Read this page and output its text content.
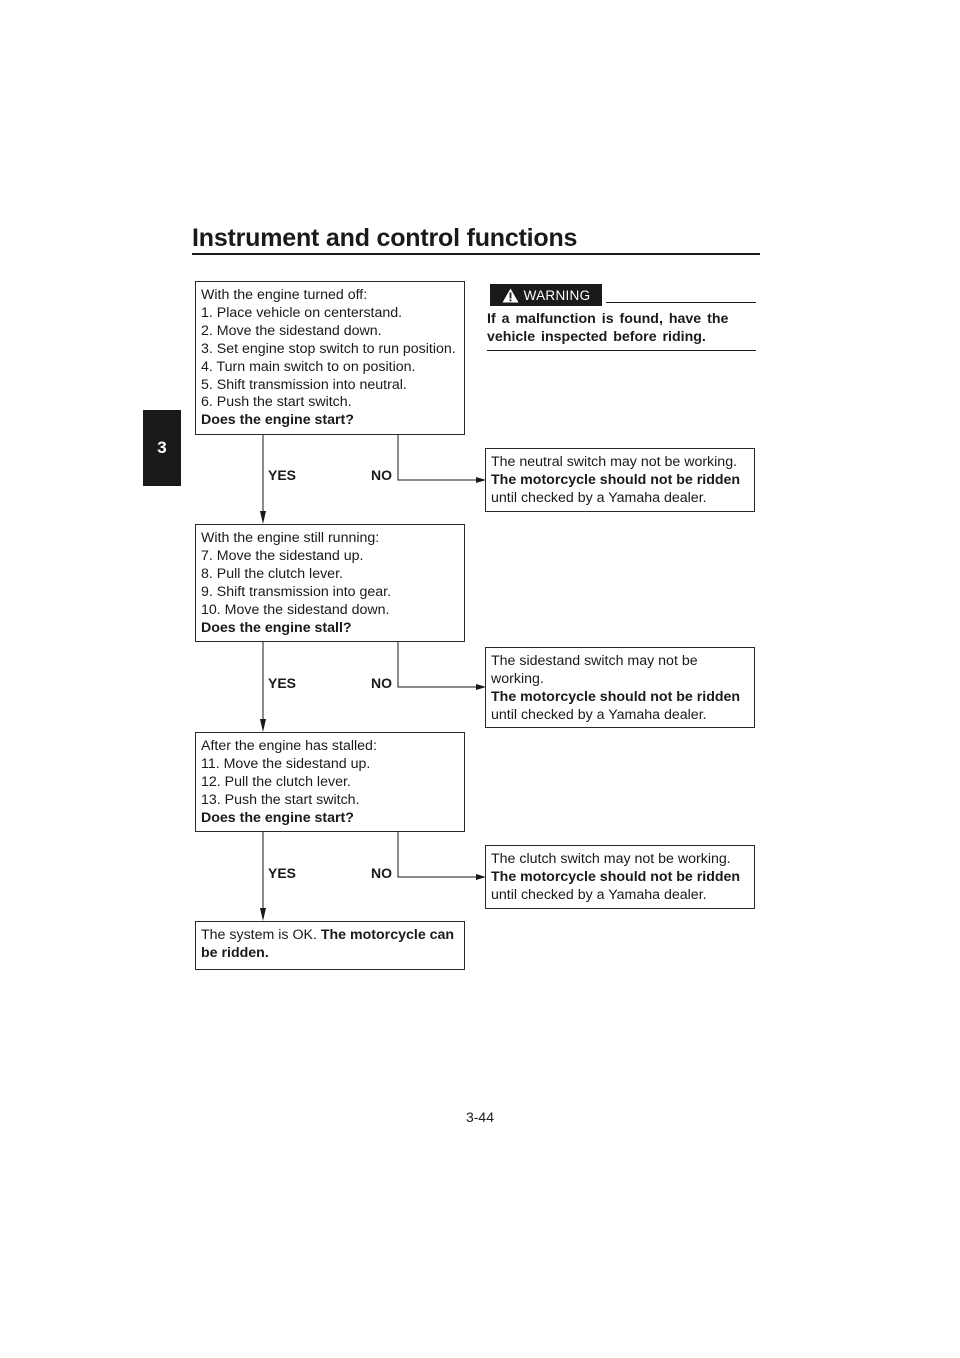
Instrument and control functions
3
With the engine turned off:
1. Place vehicle on centerstand.
2. Move the sidestand down.
3. Set engine stop switch to run position.
4. Turn main switch to on position.
5. Shift transmission into neutral.
6. Push the start switch.
Does the engine start?
YES	NO
With the engine still running:
7. Move the sidestand up.
8. Pull the clutch lever.
9. Shift transmission into gear.
10. Move the sidestand down.
Does the engine stall?
YES	NO
After the engine has stalled:
11. Move the sidestand up.
12. Pull the clutch lever.
13. Push the start switch.
Does the engine start?
YES	NO
The system is OK. The motorcycle can
be ridden.
WARNING
If a malfunction is found, have the
vehicle inspected before riding.
The neutral switch may not be working.
The motorcycle should not be ridden
until checked by a Yamaha dealer.
The sidestand switch may not be
working.
The motorcycle should not be ridden
until checked by a Yamaha dealer.
The clutch switch may not be working.
The motorcycle should not be ridden
until checked by a Yamaha dealer.
3-44
